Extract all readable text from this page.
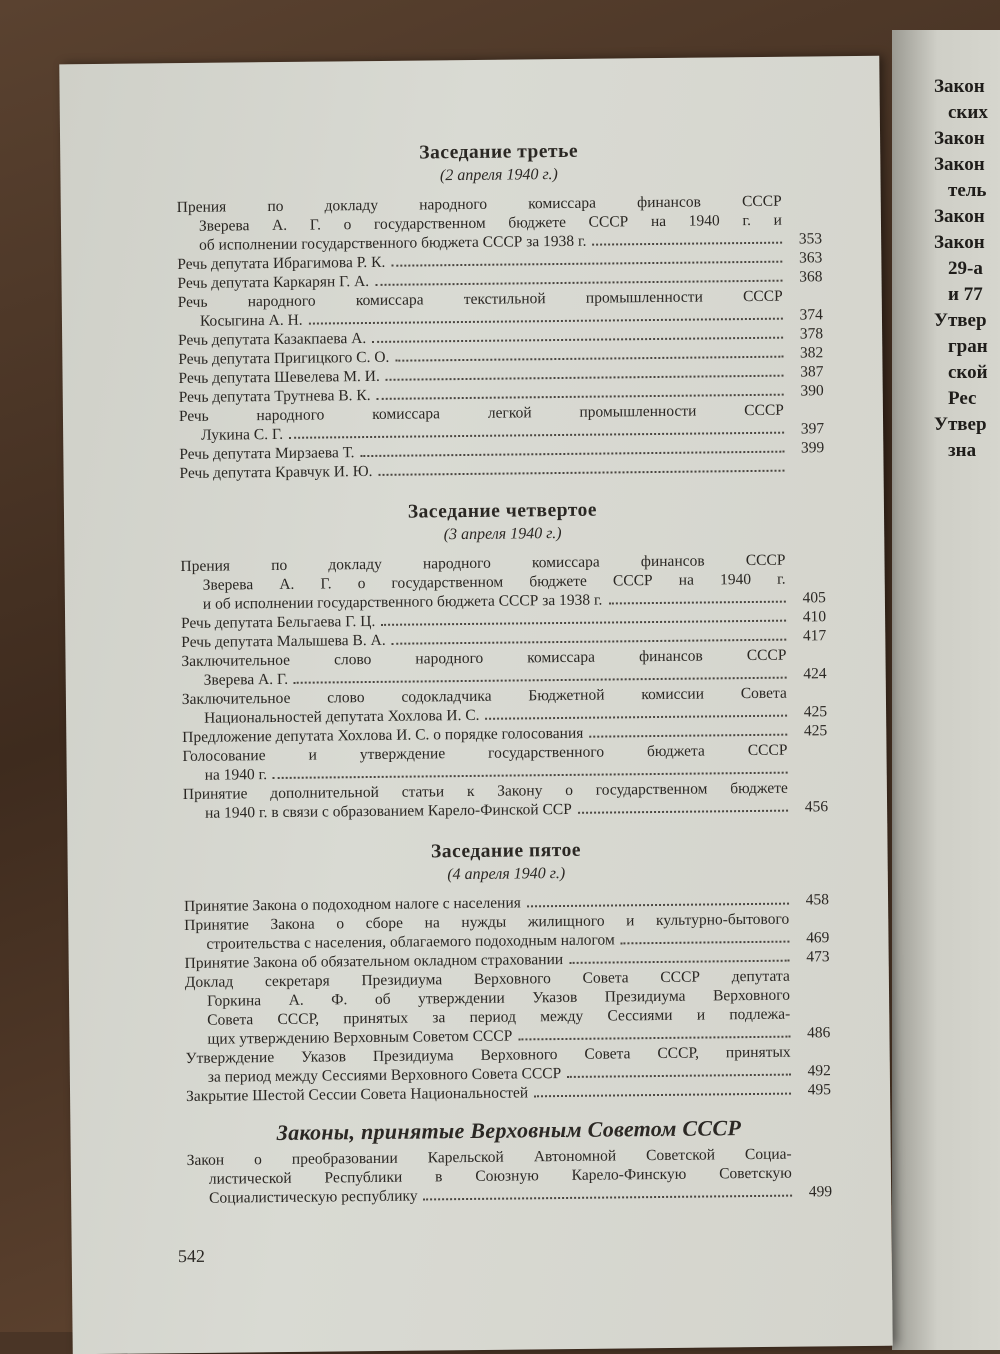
Закон
ских
Закон
Закон
тель
Закон
Закон
29-а
и 77
Утвер
гран
ской
Рес
Утвер
зна
Заседание третье
(2 апреля 1940 г.)
Прения по докладу народного комиссара финансов СССР
Зверева А. Г. о государственном бюджете СССР на 1940 г. и
об исполнении государственного бюджета СССР за 1938 г.	353
Речь депутата Ибрагимова Р. К.	363
Речь депутата Каркарян Г. А.	368
Речь народного комиссара текстильной промышленности СССР
Косыгина А. Н.	374
Речь депутата Казакпаева А.	378
Речь депутата Пригицкого С. О.	382
Речь депутата Шевелева М. И.	387
Речь депутата Трутнева В. К.	390
Речь народного комиссара легкой промышленности СССР
Лукина С. Г.	397
Речь депутата Мирзаева Т.	399
Речь депутата Кравчук И. Ю.
Заседание четвертое
(3 апреля 1940 г.)
Прения по докладу народного комиссара финансов СССР
Зверева А. Г. о государственном бюджете СССР на 1940 г.
и об исполнении государственного бюджета СССР за 1938 г.	405
Речь депутата Бельгаева Г. Ц.	410
Речь депутата Малышева В. А.	417
Заключительное слово народного комиссара финансов СССР
Зверева А. Г.	424
Заключительное слово содокладчика Бюджетной комиссии Совета
Национальностей депутата Хохлова И. С.	425
Предложение депутата Хохлова И. С. о порядке голосования	425
Голосование и утверждение государственного бюджета СССР
на 1940 г.
Принятие дополнительной статьи к Закону о государственном бюджете
на 1940 г. в связи с образованием Карело-Финской ССР	456
Заседание пятое
(4 апреля 1940 г.)
Принятие Закона о подоходном налоге с населения	458
Принятие Закона о сборе на нужды жилищного и культурно-бытового
строительства с населения, облагаемого подоходным налогом	469
Принятие Закона об обязательном окладном страховании	473
Доклад секретаря Президиума Верховного Совета СССР депутата
Горкина А. Ф. об утверждении Указов Президиума Верховного
Совета СССР, принятых за период между Сессиями и подлежа-
щих утверждению Верховным Советом СССР	486
Утверждение Указов Президиума Верховного Совета СССР, принятых
за период между Сессиями Верховного Совета СССР	492
Закрытие Шестой Сессии Совета Национальностей	495
Законы, принятые Верховным Советом СССР
Закон о преобразовании Карельской Автономной Советской Социа-
листической Республики в Союзную Карело-Финскую Советскую
Социалистическую республику	499
542
